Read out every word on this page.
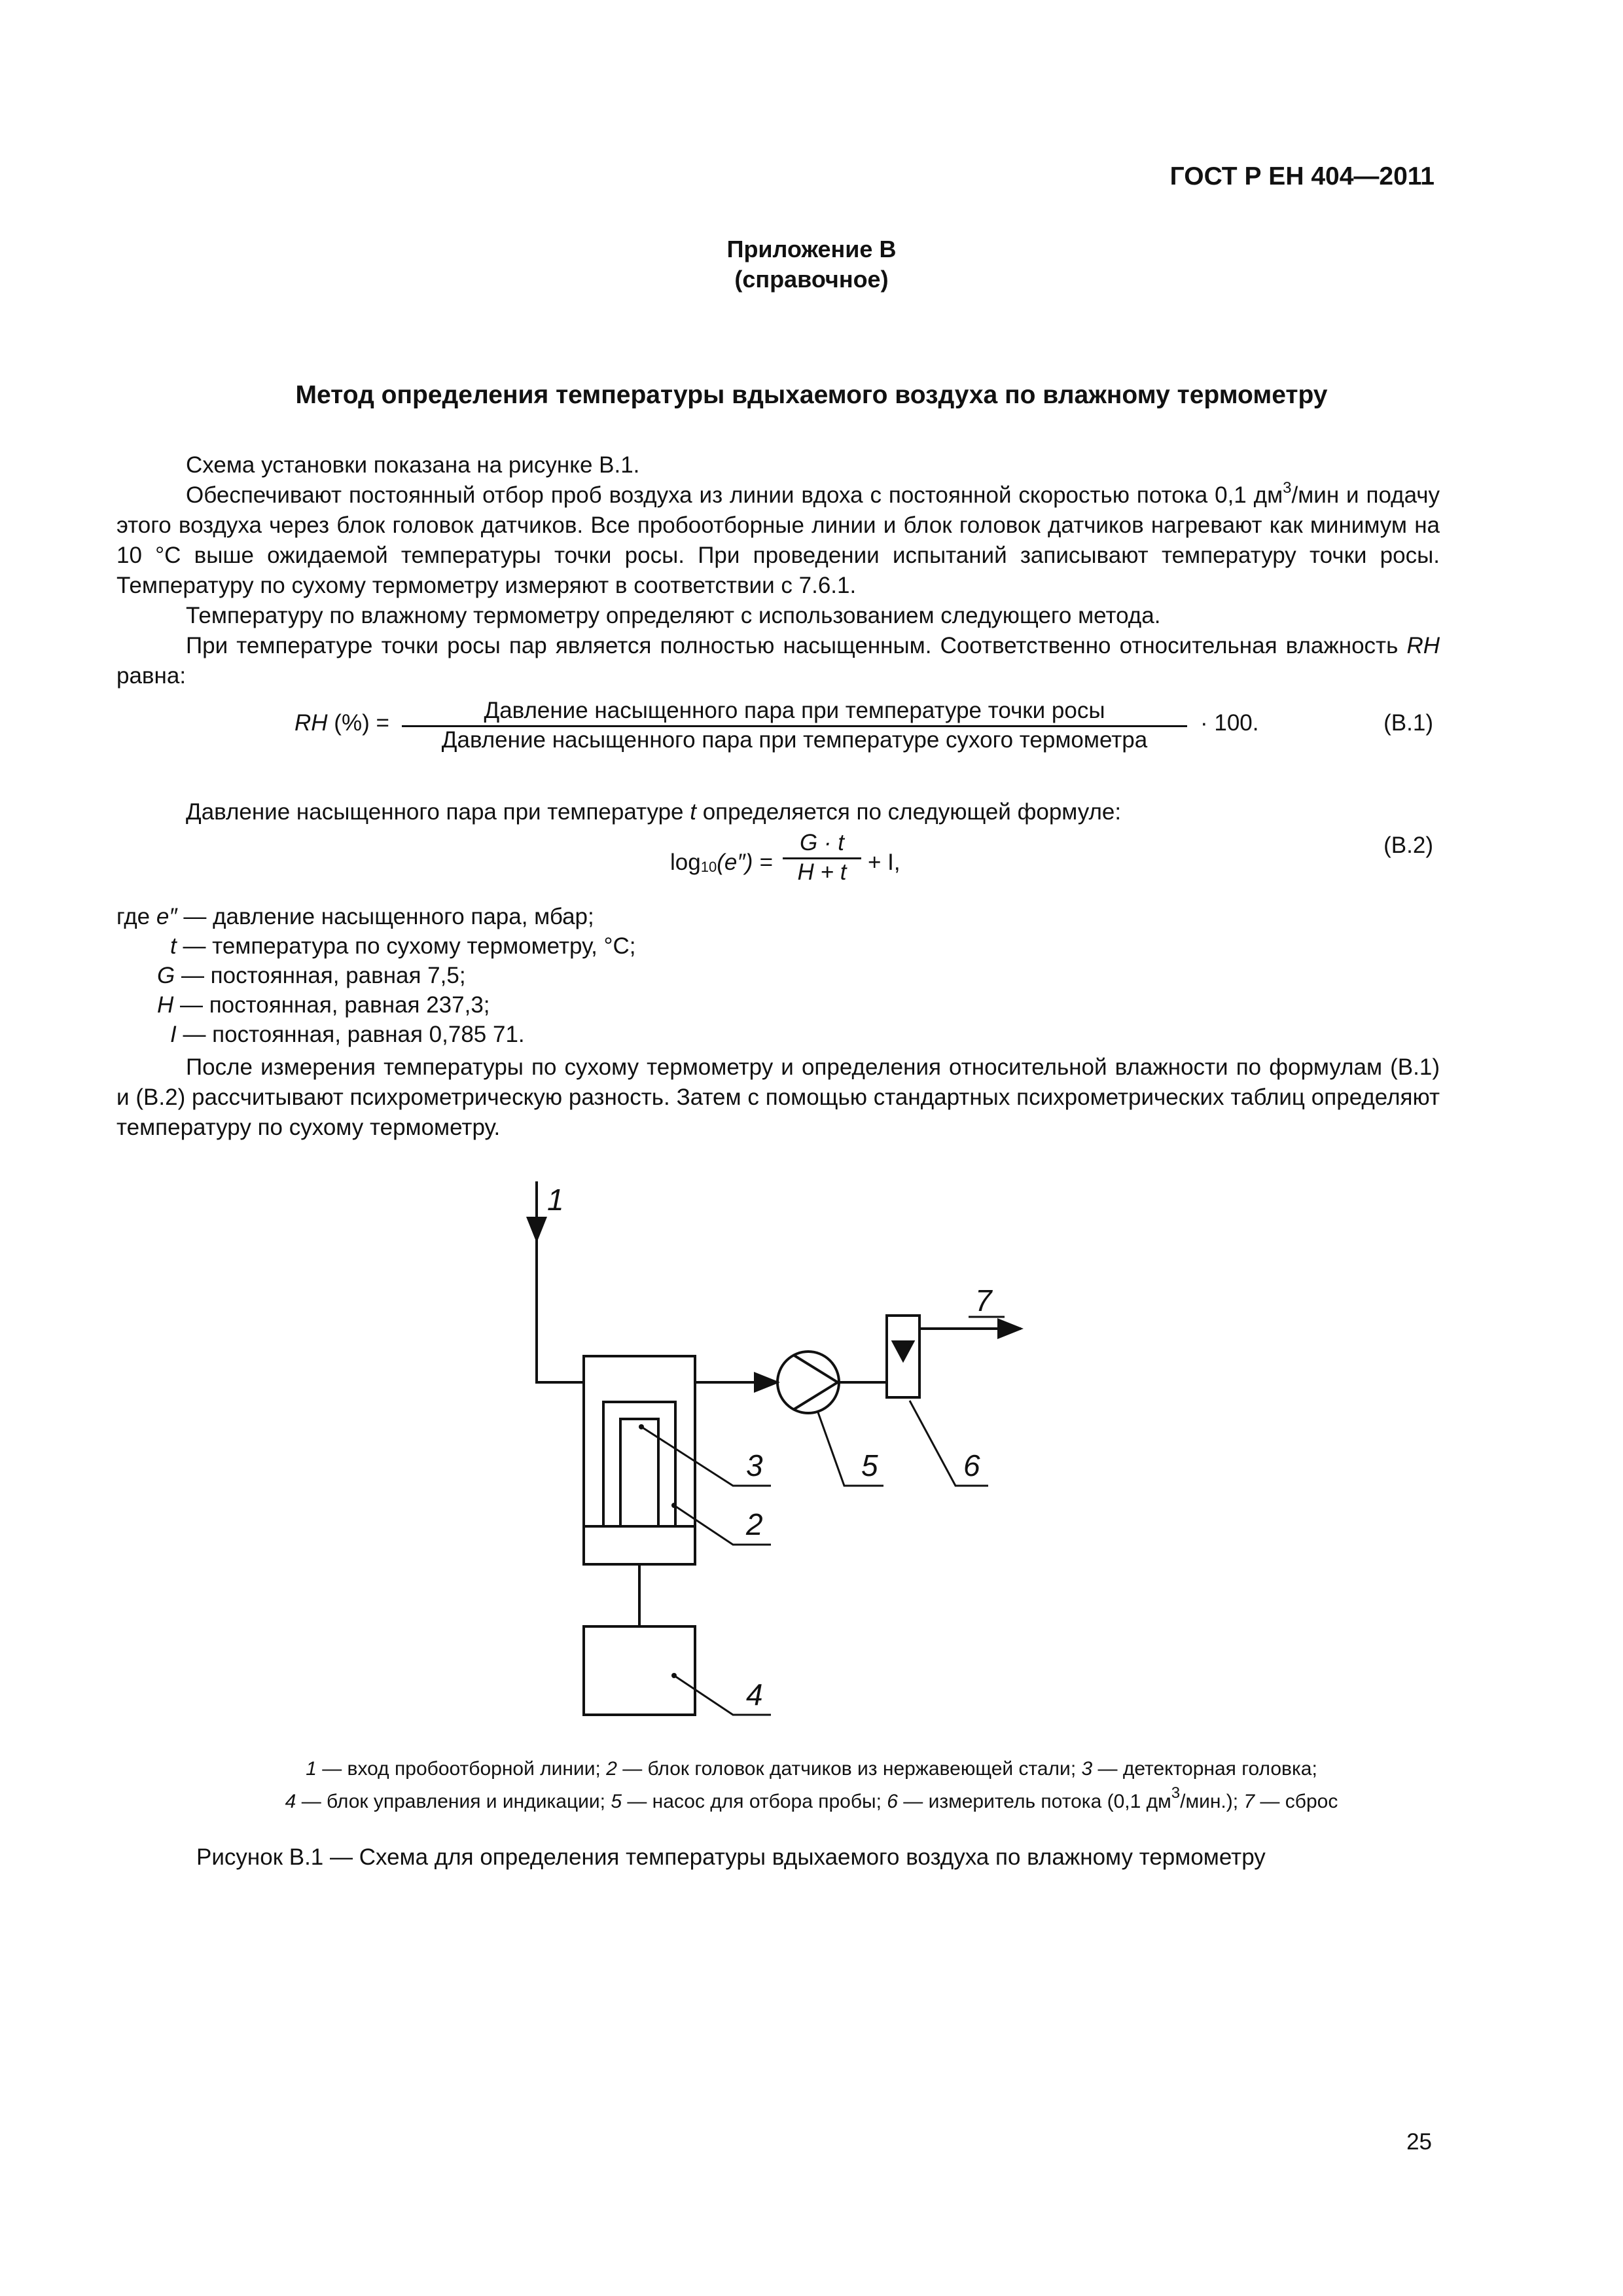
ГОСТ Р ЕН 404—2011
Приложение В
(справочное)
Метод определения температуры вдыхаемого воздуха по влажному термометру

Схема установки показана на рисунке В.1.

Обеспечивают постоянный отбор проб воздуха из линии вдоха с постоянной скоростью потока 0,1 $дм^3$/мин и подачу этого воздуха через блок головок датчиков. Все пробоотборные линии и блок головок датчиков нагревают как минимум на 10 °С выше ожидаемой температуры точки росы. При проведении испытаний записывают температуру точки росы. Температуру по сухому термометру измеряют в соответствии с 7.6.1.

Температуру по влажному термометру определяют с использованием следующего метода.

При температуре точки росы пар является полностью насыщенным. Соответственно относительная влажность RH равна:

RH (%) =	Давление насыщенного пара при температуре точки росы
Давление насыщенного пара при температуре сухого термометра
· 100.	(В.1)

Давление насыщенного пара при температуре t определяется по следующей формуле:

$\log 10(e'') = \frac{G \cdot t}{H + t} + I$,
(В.2)
где e″ — давление насыщенного пара, мбар;
t — температура по сухому термометру, °С;
G — постоянная, равная 7,5;
H — постоянная, равная 237,3;
I — постоянная, равная 0,785 71.

После измерения температуры по сухому термометру и определения относительной влажности по формулам (В.1) и (В.2) рассчитывают психрометрическую разность. Затем с помощью стандартных психрометрических таблиц определяют температуру по сухому термометру.

1
7
3	5	6
2
4
1 — вход пробоотборной линии; 2 — блок головок датчиков из нержавеющей стали; 3 — детекторная головка;
4 — блок управления и индикации; 5 — насос для отбора пробы; 6 — измеритель потока (0,1 $дм^3/мин$.); 7 — сброс
Рисунок В.1 — Схема для определения температуры вдыхаемого воздуха по влажному термометру
25
